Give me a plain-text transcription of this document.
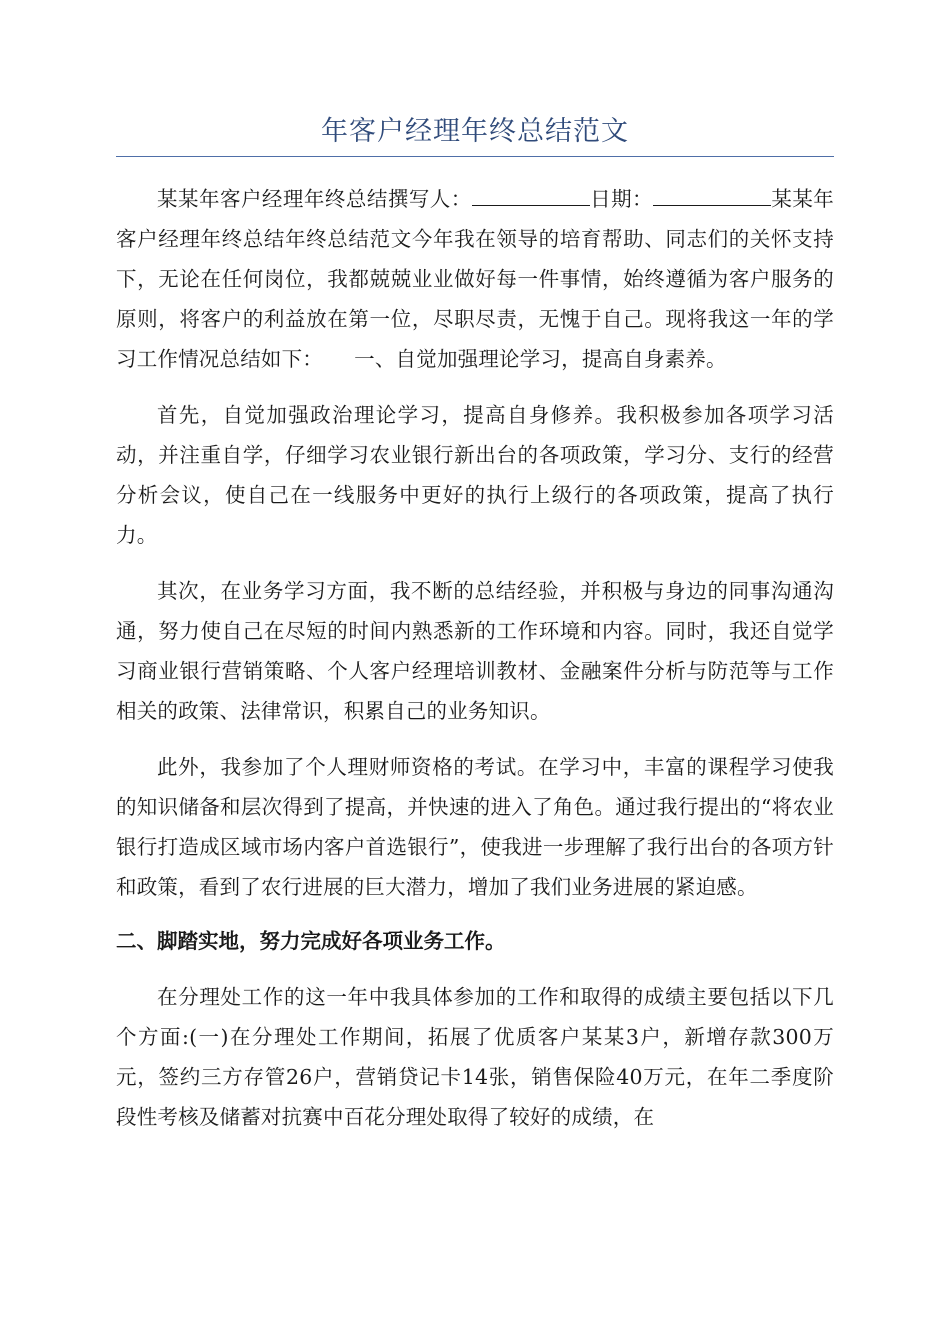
年客户经理年终总结范文

某某年客户经理年终总结撰写人：	日期：	某某年客户经理年终总结年终总结范文今年我在领导的培育帮助、同志们的关怀支持下，无论在任何岗位，我都兢兢业业做好每一件事情，始终遵循为客户服务的原则，将客户的利益放在第一位，尽职尽责，无愧于自己。现将我这一年的学习工作情况总结如下：　　一、自觉加强理论学习，提高自身素养。

首先，自觉加强政治理论学习，提高自身修养。我积极参加各项学习活动，并注重自学，仔细学习农业银行新出台的各项政策，学习分、支行的经营分析会议，使自己在一线服务中更好的执行上级行的各项政策，提高了执行力。

其次，在业务学习方面，我不断的总结经验，并积极与身边的同事沟通沟通，努力使自己在尽短的时间内熟悉新的工作环境和内容。同时，我还自觉学习商业银行营销策略、个人客户经理培训教材、金融案件分析与防范等与工作相关的政策、法律常识，积累自己的业务知识。

此外，我参加了个人理财师资格的考试。在学习中，丰富的课程学习使我的知识储备和层次得到了提高，并快速的进入了角色。通过我行提出的“将农业银行打造成区域市场内客户首选银行”，使我进一步理解了我行出台的各项方针和政策，看到了农行进展的巨大潜力，增加了我们业务进展的紧迫感。

二、脚踏实地，努力完成好各项业务工作。

在分理处工作的这一年中我具体参加的工作和取得的成绩主要包括以下几个方面:(一)在分理处工作期间，拓展了优质客户某某3户，新增存款300万元，签约三方存管26户，营销贷记卡14张，销售保险40万元，在年二季度阶段性考核及储蓄对抗赛中百花分理处取得了较好的成绩，在
